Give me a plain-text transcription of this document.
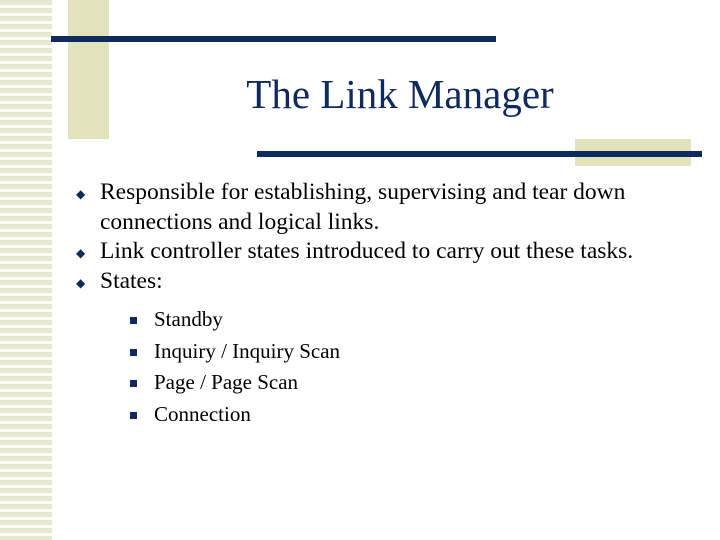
The Link Manager
◆ Responsible for establishing, supervising and tear down connections and logical links.
◆ Link controller states introduced to carry out these tasks.
◆ States:
Standby
Inquiry / Inquiry Scan
Page / Page Scan
Connection
